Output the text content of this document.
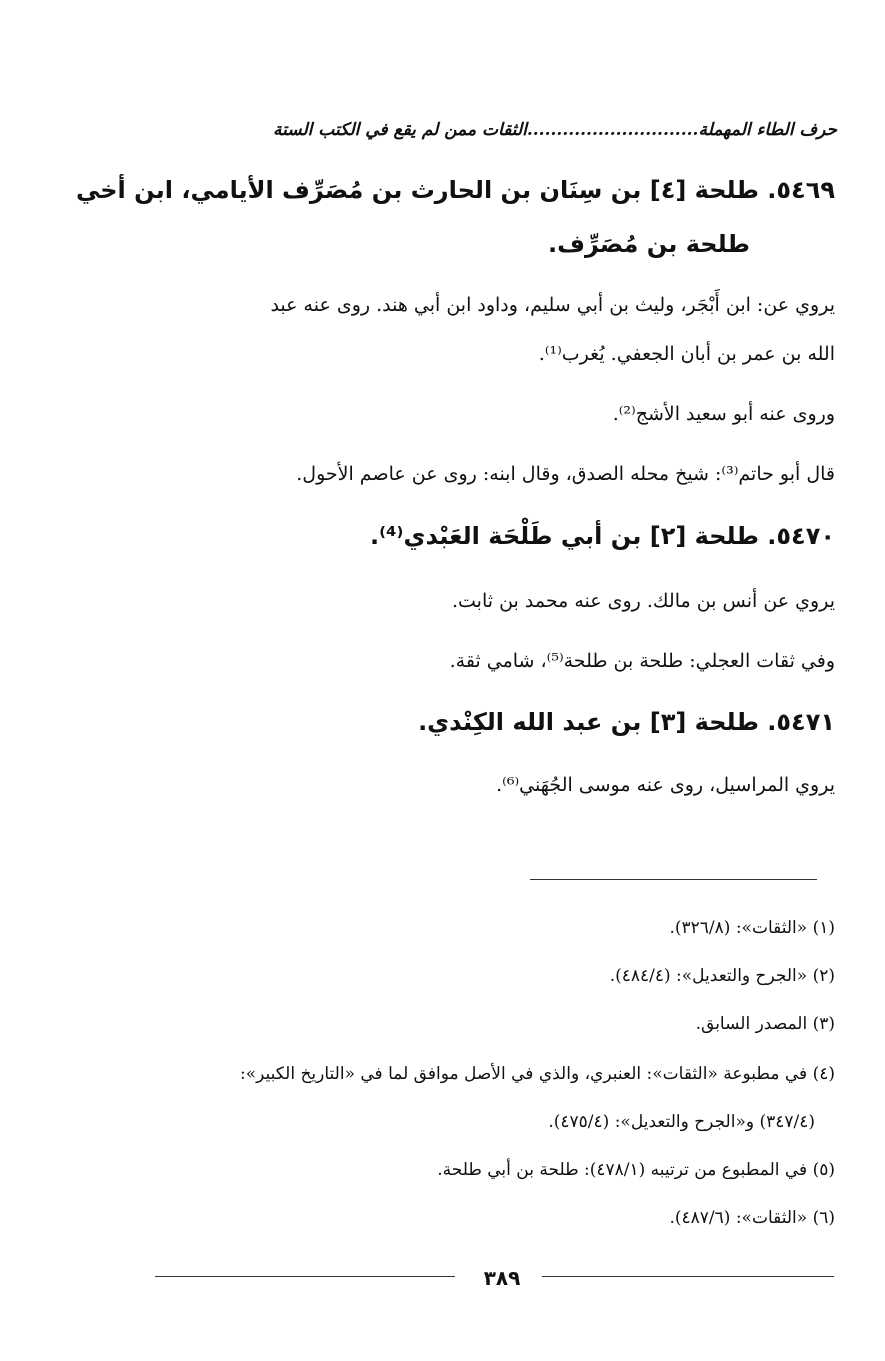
حرف الطاء المهملة.............................الثقات ممن لم يقع في الكتب الستة
٥٤٦٩. طلحة [٤] بن سِنَان بن الحارث بن مُصَرِّف الأيامي، ابن أخي
طلحة بن مُصَرِّف.
يروي عن: ابن أَبْجَر، وليث بن أبي سليم، وداود ابن أبي هند. روى عنه عبد
الله بن عمر بن أبان الجعفي. يُغرب⁽¹⁾.
وروى عنه أبو سعيد الأشج⁽²⁾.
قال أبو حاتم⁽³⁾: شيخ محله الصدق، وقال ابنه: روى عن عاصم الأحول.
٥٤٧٠. طلحة [٢] بن أبي طَلْحَة العَبْدي⁽⁴⁾.
يروي عن أنس بن مالك. روى عنه محمد بن ثابت.
وفي ثقات العجلي: طلحة بن طلحة⁽⁵⁾، شامي ثقة.
٥٤٧١. طلحة [٣] بن عبد الله الكِنْدي.
يروي المراسيل، روى عنه موسى الجُهَني⁽⁶⁾.
(١) «الثقات»: (٣٢٦/٨).
(٢) «الجرح والتعديل»: (٤٨٤/٤).
(٣) المصدر السابق.
(٤) في مطبوعة «الثقات»: العنبري، والذي في الأصل موافق لما في «التاريخ الكبير»:
(٣٤٧/٤) و«الجرح والتعديل»: (٤٧٥/٤).
(٥) في المطبوع من ترتيبه (٤٧٨/١): طلحة بن أبي طلحة.
(٦) «الثقات»: (٤٨٧/٦).
٣٨٩
